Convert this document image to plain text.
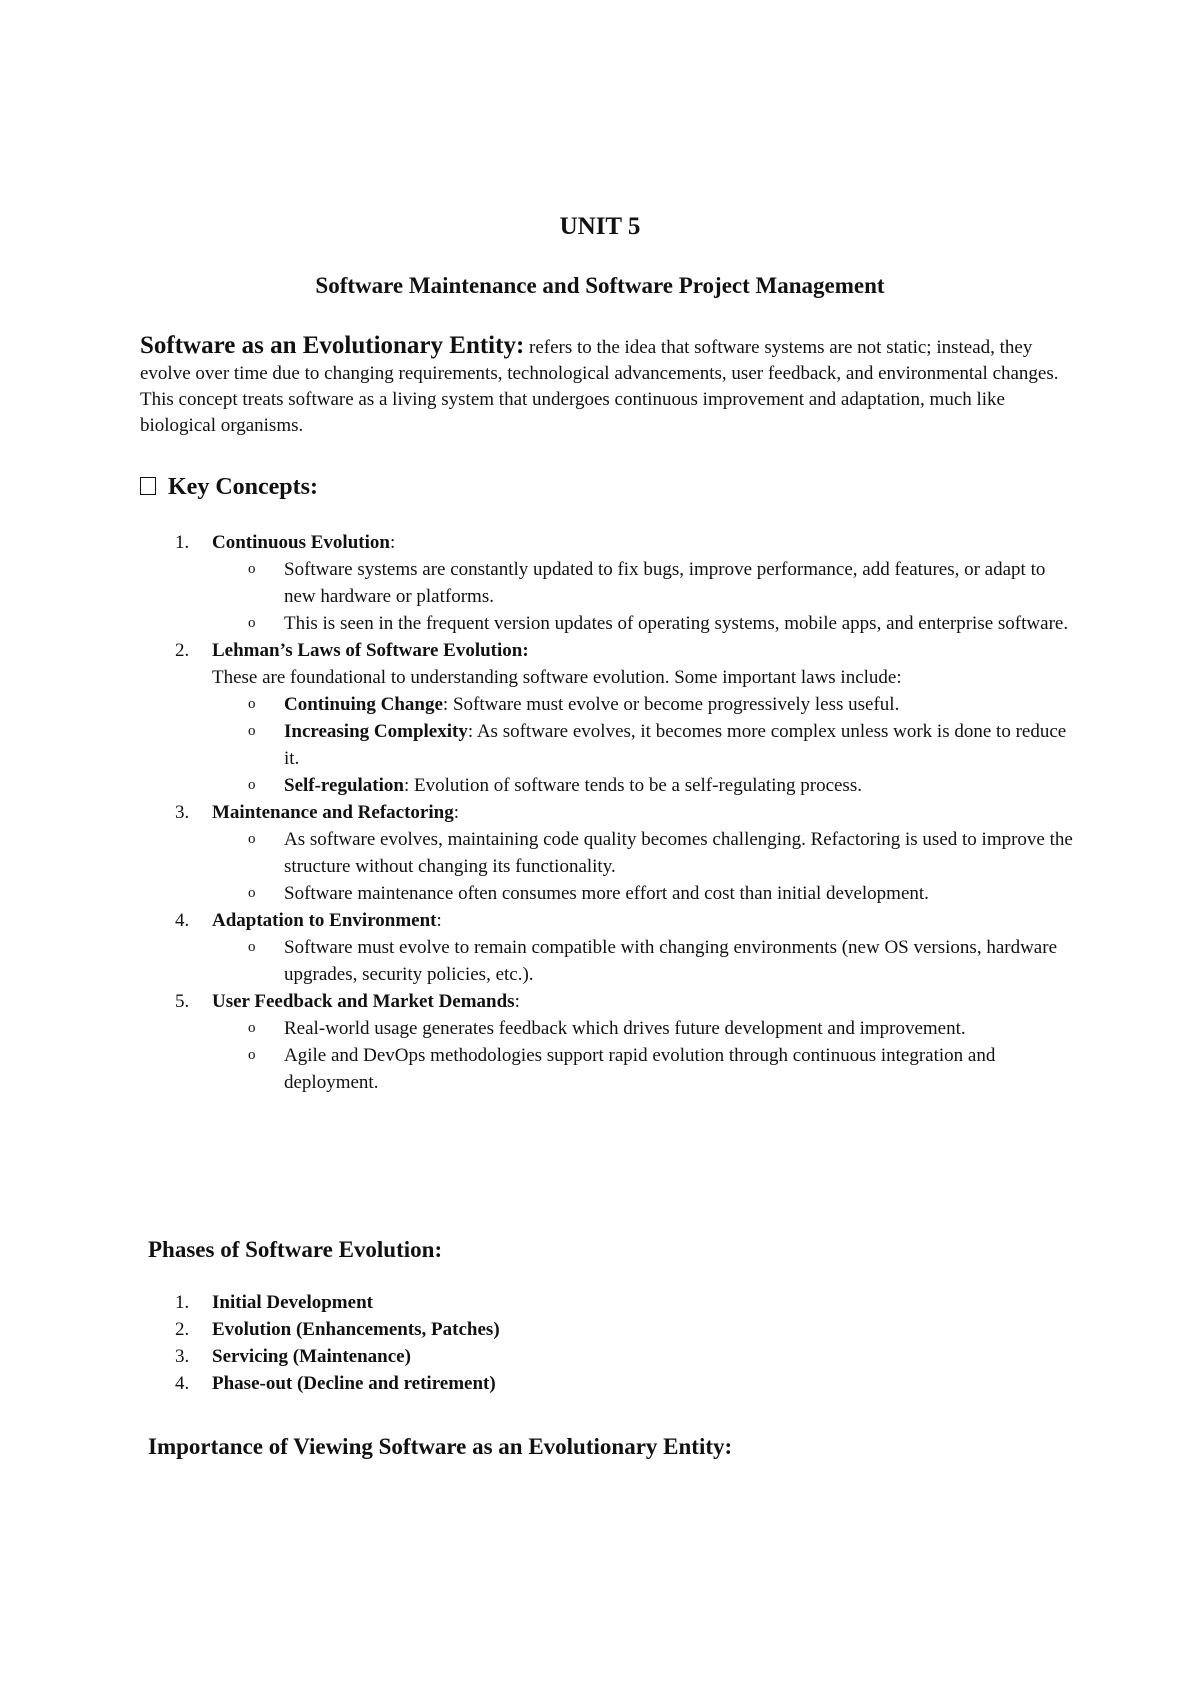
UNIT 5
Software Maintenance and Software Project Management

Software as an Evolutionary Entity: refers to the idea that software systems are not static; instead, they evolve over time due to changing requirements, technological advancements, user feedback, and environmental changes. This concept treats software as a living system that undergoes continuous improvement and adaptation, much like biological organisms.

Key Concepts:
1. Continuous Evolution:
o Software systems are constantly updated to fix bugs, improve performance, add features, or adapt to new hardware or platforms.
o This is seen in the frequent version updates of operating systems, mobile apps, and enterprise software.
2. Lehman’s Laws of Software Evolution:
These are foundational to understanding software evolution. Some important laws include:
o Continuing Change: Software must evolve or become progressively less useful.
o Increasing Complexity: As software evolves, it becomes more complex unless work is done to reduce it.
o Self-regulation: Evolution of software tends to be a self-regulating process.
3. Maintenance and Refactoring:
o As software evolves, maintaining code quality becomes challenging. Refactoring is used to improve the structure without changing its functionality.
o Software maintenance often consumes more effort and cost than initial development.
4. Adaptation to Environment:
o Software must evolve to remain compatible with changing environments (new OS versions, hardware upgrades, security policies, etc.).
5. User Feedback and Market Demands:
o Real-world usage generates feedback which drives future development and improvement.
o Agile and DevOps methodologies support rapid evolution through continuous integration and deployment.
Phases of Software Evolution:
1. Initial Development
2. Evolution (Enhancements, Patches)
3. Servicing (Maintenance)
4. Phase-out (Decline and retirement)
Importance of Viewing Software as an Evolutionary Entity:
